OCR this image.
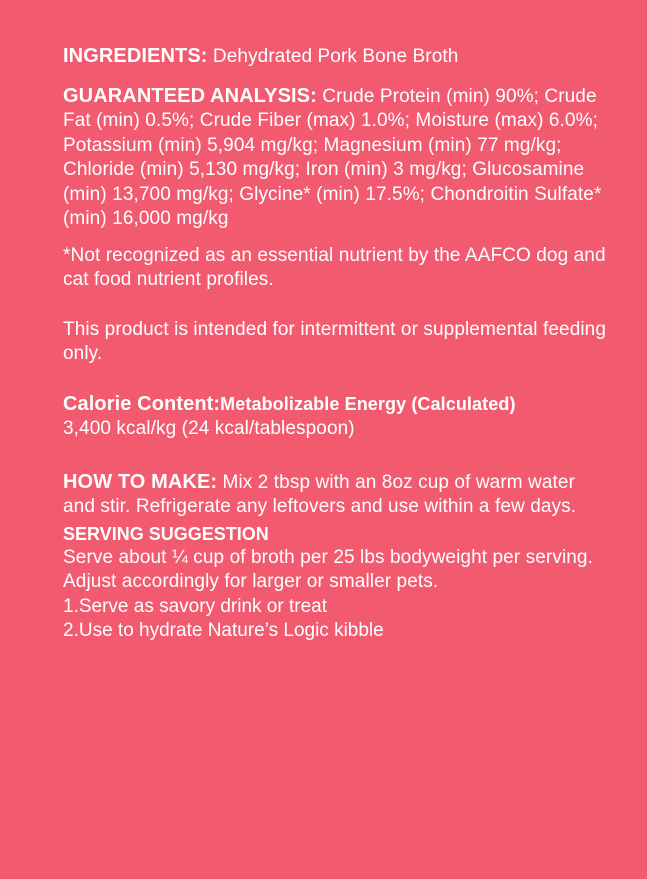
INGREDIENTS: Dehydrated Pork Bone Broth

GUARANTEED ANALYSIS: Crude Protein (min) 90%; Crude Fat (min) 0.5%; Crude Fiber (max) 1.0%; Moisture (max) 6.0%; Potassium (min) 5,904 mg/kg; Magnesium (min) 77 mg/kg; Chloride (min) 5,130 mg/kg; Iron (min) 3 mg/kg; Glucosamine (min) 13,700 mg/kg; Glycine* (min) 17.5%; Chondroitin Sulfate* (min) 16,000 mg/kg

*Not recognized as an essential nutrient by the AAFCO dog and cat food nutrient profiles.

This product is intended for intermittent or supplemental feeding only.

Calorie Content:Metabolizable Energy (Calculated)
3,400 kcal/kg (24 kcal/tablespoon)

HOW TO MAKE: Mix 2 tbsp with an 8oz cup of warm water and stir. Refrigerate any leftovers and use within a few days.

SERVING SUGGESTION

Serve about ¼ cup of broth per 25 lbs bodyweight per serving. Adjust accordingly for larger or smaller pets.

1.Serve as savory drink or treat
2.Use to hydrate Nature’s Logic kibble
